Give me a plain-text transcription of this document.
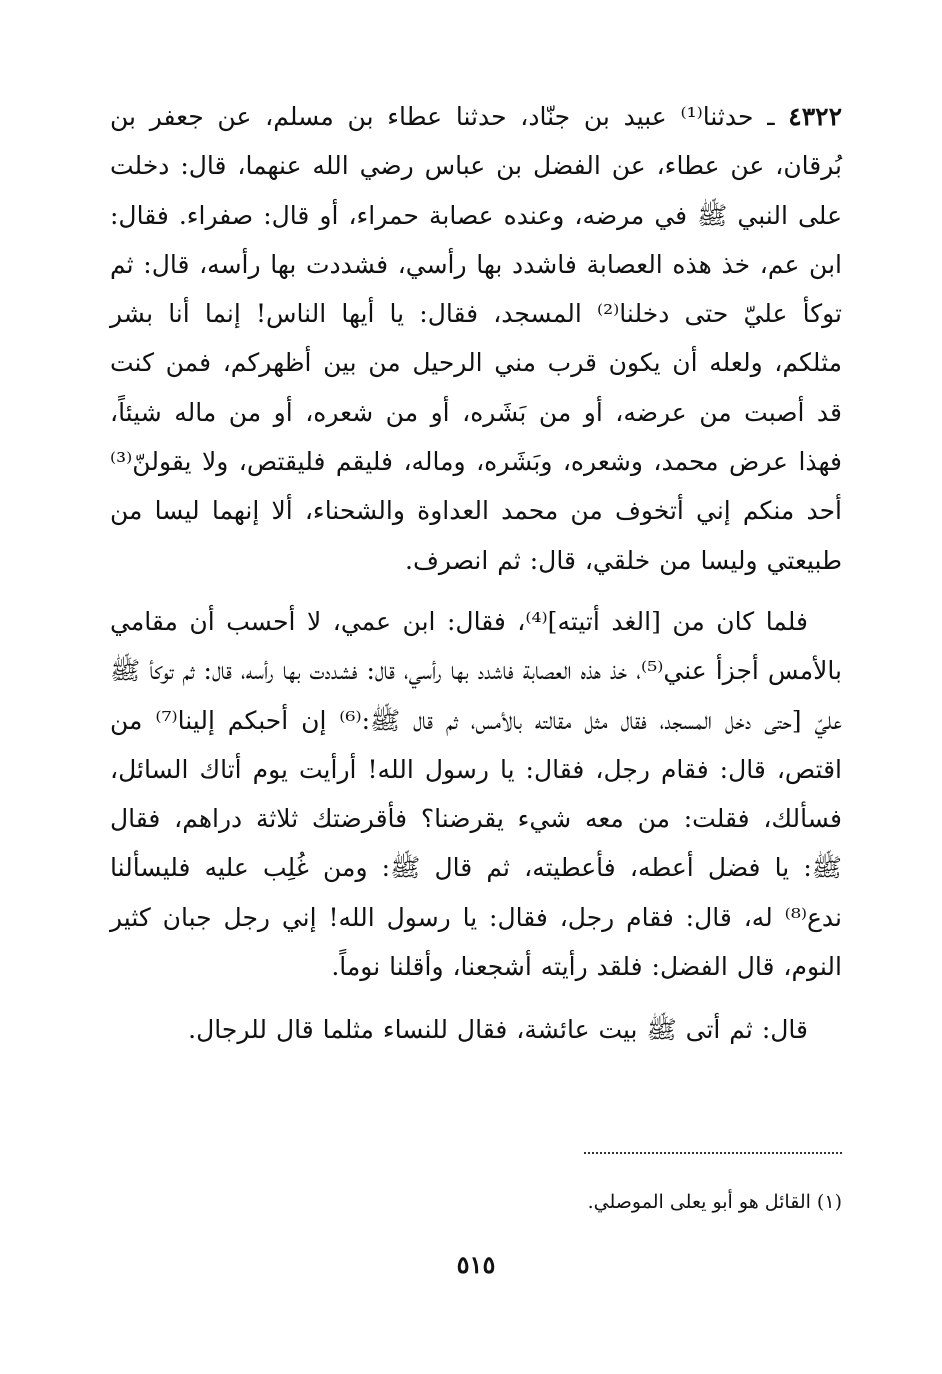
٤٣٢٢ ـ حدثنا⁽¹⁾ عبيد بن جنّاد، حدثنا عطاء بن مسلم، عن جعفر بن بُرقان، عن عطاء، عن الفضل بن عباس رضي الله عنهما، قال: دخلت على النبي ﷺ في مرضه، وعنده عصابة حمراء، أو قال: صفراء. فقال: ابن عم، خذ هذه العصابة فاشدد بها رأسي، فشددت بها رأسه، قال: ثم توكأ عليّ حتى دخلنا⁽²⁾ المسجد، فقال: يا أيها الناس! إنما أنا بشر مثلكم، ولعله أن يكون قرب مني الرحيل من بين أظهركم، فمن كنت قد أصبت من عرضه، أو من بَشَره، أو من شعره، أو من ماله شيئاً، فهذا عرض محمد، وشعره، وبَشَره، وماله، فليقم فليقتص، ولا يقولنّ⁽³⁾ أحد منكم إني أتخوف من محمد العداوة والشحناء، ألا إنهما ليسا من طبيعتي وليسا من خلقي، قال: ثم انصرف.

فلما كان من [الغد أتيته]⁽⁴⁾، فقال: ابن عمي، لا أحسب أن مقامي بالأمس أجزأ عني⁽⁵⁾، خذ هذه العصابة فاشدد بها رأسي، قال: فشددت بها رأسه، قال: ثم توكأ ﷺ عليّ [حتى دخل المسجد، فقال مثل مقالته بالأمس، ثم قال ﷺ:⁽⁶⁾ إن أحبكم إلينا⁽⁷⁾ من اقتص، قال: فقام رجل، فقال: يا رسول الله! أرأيت يوم أتاك السائل، فسألك، فقلت: من معه شيء يقرضنا؟ فأقرضتك ثلاثة دراهم، فقال ﷺ: يا فضل أعطه، فأعطيته، ثم قال ﷺ: ومن غُلِب عليه فليسألنا ندع⁽⁸⁾ له، قال: فقام رجل، فقال: يا رسول الله! إني رجل جبان كثير النوم، قال الفضل: فلقد رأيته أشجعنا، وأقلنا نوماً.

قال: ثم أتى ﷺ بيت عائشة، فقال للنساء مثلما قال للرجال.

(١) القائل هو أبو يعلى الموصلي.

٥١٥
